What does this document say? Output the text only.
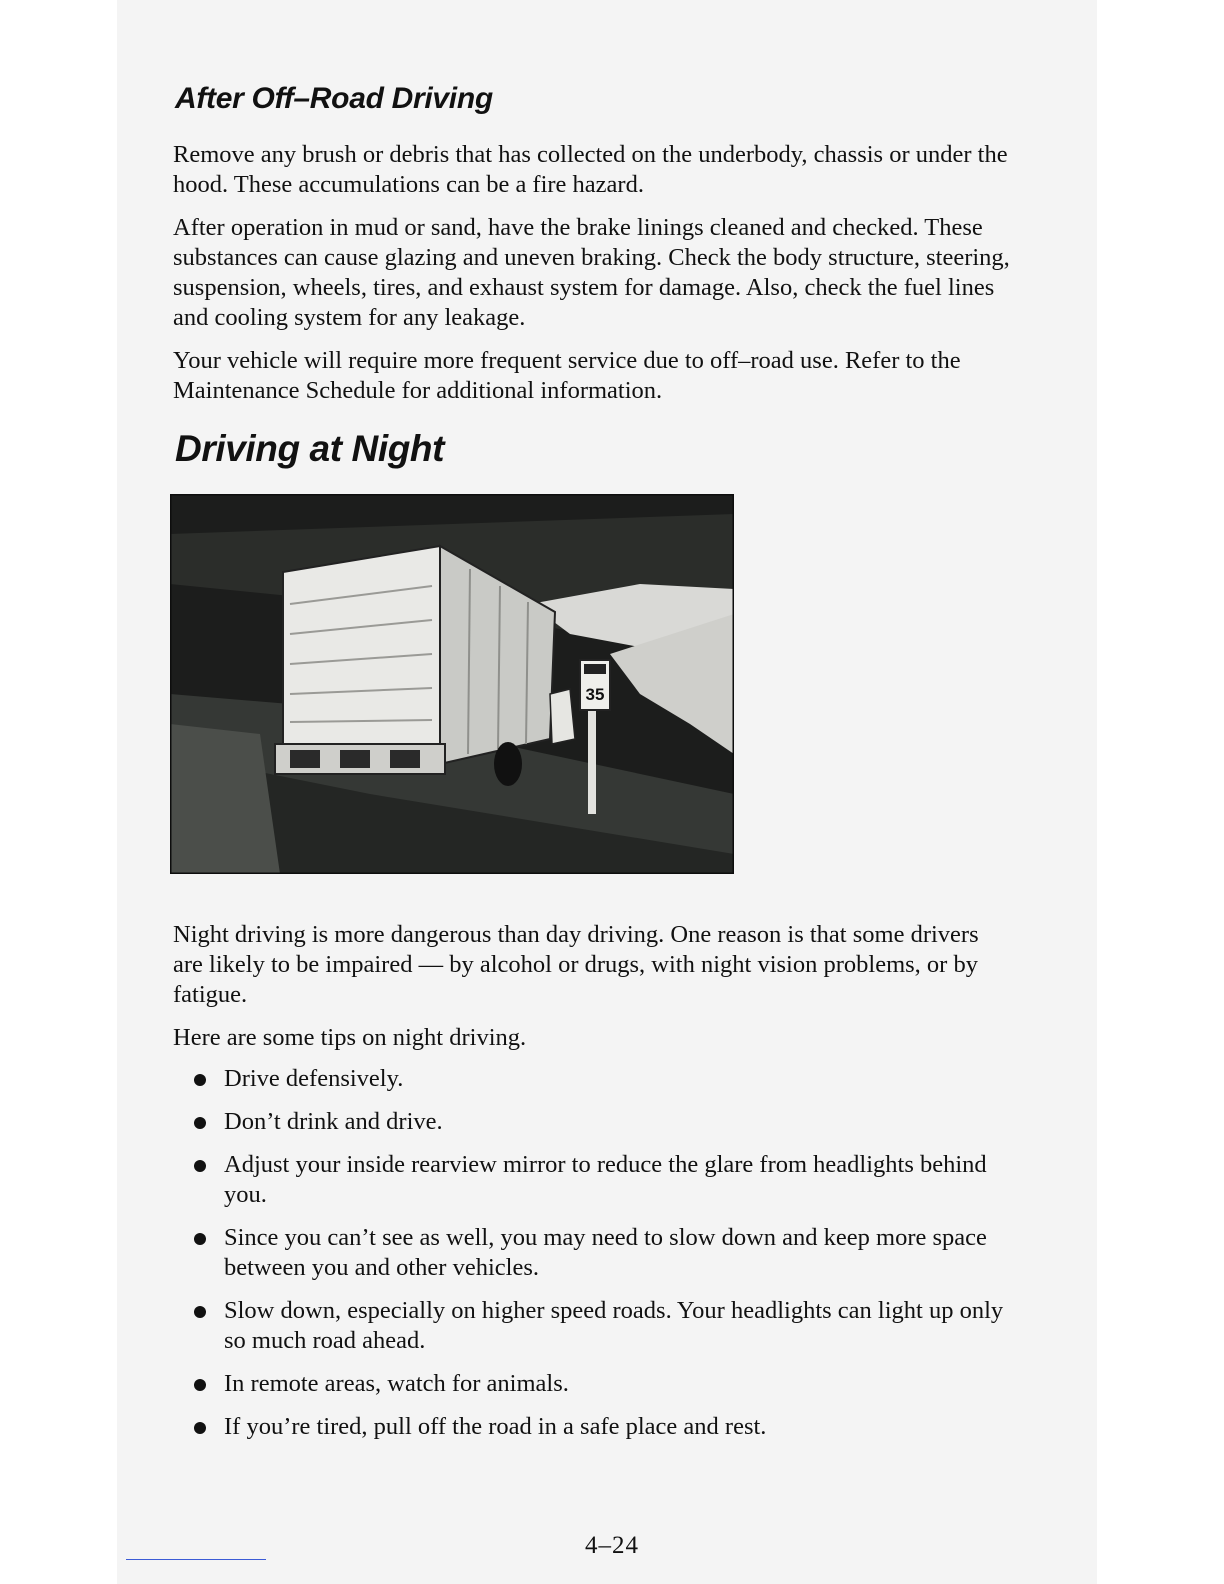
After Off–Road Driving

Remove any brush or debris that has collected on the underbody, chassis or under the hood. These accumulations can be a fire hazard.

After operation in mud or sand, have the brake linings cleaned and checked. These substances can cause glazing and uneven braking. Check the body structure, steering, suspension, wheels, tires, and exhaust system for damage. Also, check the fuel lines and cooling system for any leakage.

Your vehicle will require more frequent service due to off–road use. Refer to the Maintenance Schedule for additional information.

Driving at Night
35

Night driving is more dangerous than day driving. One reason is that some drivers are likely to be impaired — by alcohol or drugs, with night vision problems, or by fatigue.

Here are some tips on night driving.

Drive defensively.
Don’t drink and drive.
Adjust your inside rearview mirror to reduce the glare from headlights behind you.
Since you can’t see as well, you may need to slow down and keep more space between you and other vehicles.
Slow down, especially on higher speed roads. Your headlights can light up only so much road ahead.
In remote areas, watch for animals.
If you’re tired, pull off the road in a safe place and rest.
4–24
